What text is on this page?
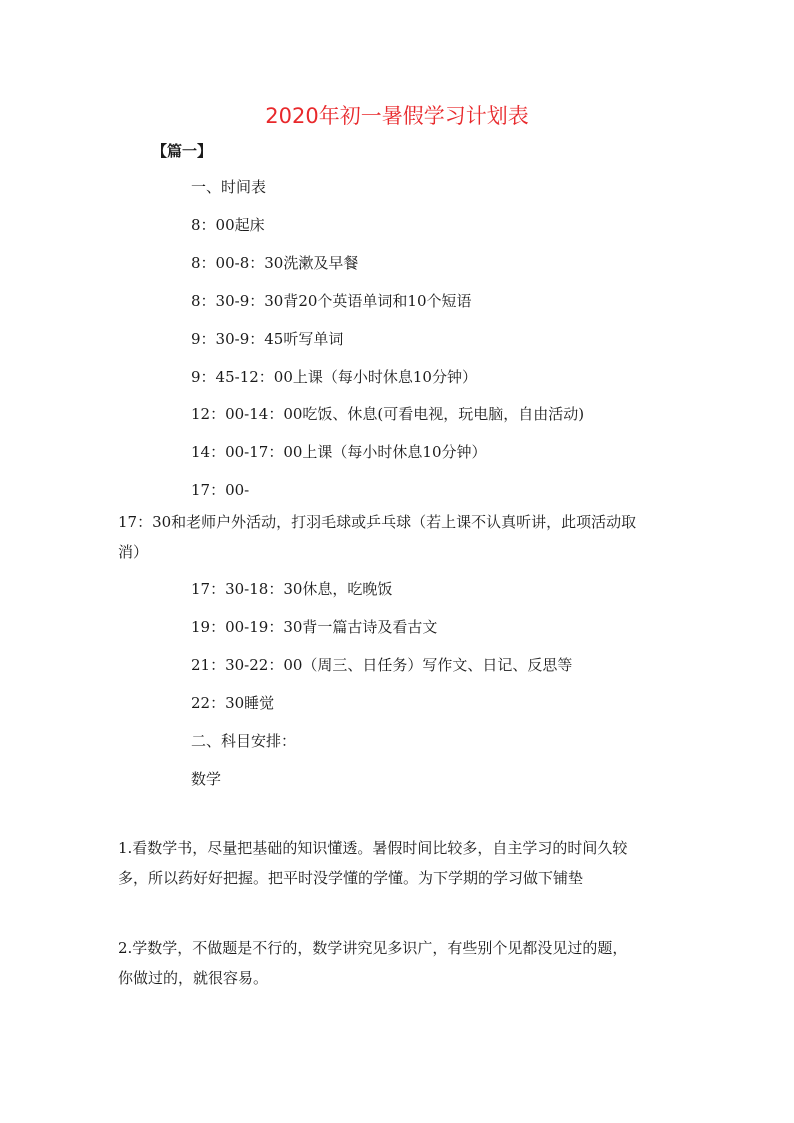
2020年初一暑假学习计划表
【篇一】
一、时间表
8：00起床
8：00-8：30洗漱及早餐
8：30-9：30背20个英语单词和10个短语
9：30-9：45听写单词
9：45-12：00上课（每小时休息10分钟）
12：00-14：00吃饭、休息(可看电视，玩电脑，自由活动)
14：00-17：00上课（每小时休息10分钟）
17：00-
17：30和老师户外活动，打羽毛球或乒乓球（若上课不认真听讲，此项活动取
消）
17：30-18：30休息，吃晚饭
19：00-19：30背一篇古诗及看古文
21：30-22：00（周三、日任务）写作文、日记、反思等
22：30睡觉
二、科目安排：
数学
1.看数学书，尽量把基础的知识懂透。暑假时间比较多，自主学习的时间久较
多，所以药好好把握。把平时没学懂的学懂。为下学期的学习做下铺垫
2.学数学，不做题是不行的，数学讲究见多识广，有些别个见都没见过的题，
你做过的，就很容易。
